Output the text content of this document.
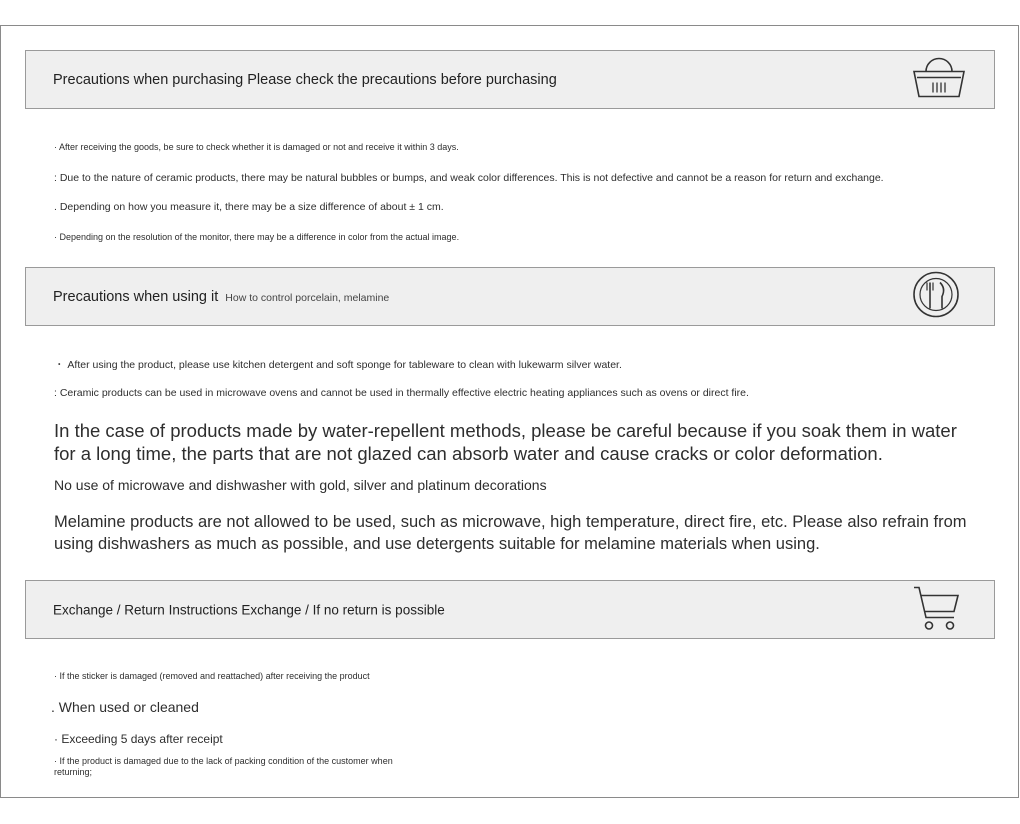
Precautions when purchasing Please check the precautions before purchasing
· After receiving the goods, be sure to check whether it is damaged or not and receive it within 3 days.
: Due to the nature of ceramic products, there may be natural bubbles or bumps, and weak color differences. This is not defective and cannot be a reason for return and exchange.
. Depending on how you measure it, there may be a size difference of about ± 1 cm.
· Depending on the resolution of the monitor, there may be a difference in color from the actual image.
Precautions when using it How to control porcelain, melamine
・ After using the product, please use kitchen detergent and soft sponge for tableware to clean with lukewarm silver water.
: Ceramic products can be used in microwave ovens and cannot be used in thermally effective electric heating appliances such as ovens or direct fire.
In the case of products made by water-repellent methods, please be careful because if you soak them in water for a long time, the parts that are not glazed can absorb water and cause cracks or color deformation.
No use of microwave and dishwasher with gold, silver and platinum decorations
Melamine products are not allowed to be used, such as microwave, high temperature, direct fire, etc. Please also refrain from using dishwashers as much as possible, and use detergents suitable for melamine materials when using.
Exchange / Return Instructions Exchange / If no return is possible
· If the sticker is damaged (removed and reattached) after receiving the product
. When used or cleaned
· Exceeding 5 days after receipt
· If the product is damaged due to the lack of packing condition of the customer when returning;
